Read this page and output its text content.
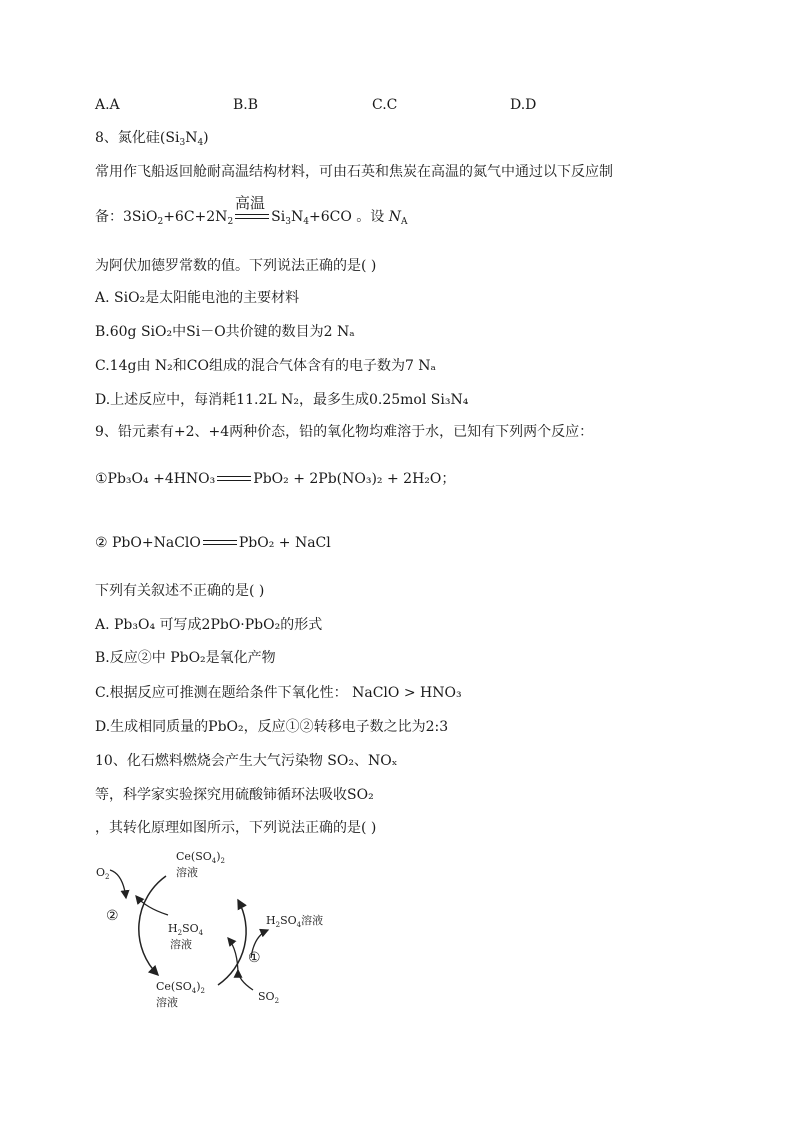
A.A	B.B	C.C	D.D
8、氮化硅$(Si_3N_4)$
常用作飞船返回舱耐高温结构材料，可由石英和焦炭在高温的氮气中通过以下反应制
高温
备：$3SiO_2+6C+2N_2$	$Si_3N_4+6CO$ 。设 $N_A$
为阿伏加德罗常数的值。下列说法正确的是( )
A. SiO₂是太阳能电池的主要材料
B.60g SiO₂中Si－O共价键的数目为2 Nₐ
C.14g由 N₂和CO组成的混合气体含有的电子数为7 Nₐ
D.上述反应中，每消耗11.2L N₂，最多生成0.25mol Si₃N₄
9、铅元素有+2、+4两种价态，铅的氧化物均难溶于水，已知有下列两个反应：
①Pb₃O₄ +4HNO₃	PbO₂ + 2Pb(NO₃)₂ + 2H₂O；
② PbO+NaClO	PbO₂ + NaCl
下列有关叙述不正确的是( )
A. Pb₃O₄ 可写成2PbO·PbO₂的形式
B.反应②中 PbO₂是氧化产物
C.根据反应可推测在题给条件下氧化性： NaClO > HNO₃
D.生成相同质量的PbO₂，反应①②转移电子数之比为2:3
10、化石燃料燃烧会产生大气污染物 SO₂、NOₓ
等，科学家实验探究用硫酸铈循环法吸收SO₂
，其转化原理如图所示，下列说法正确的是( )
$O_2$
②
①
$Ce(SO_4)_2$
溶液
$H_2SO_4$
溶液
$H_2SO_4$溶液
$Ce(SO_4)_2$
溶液	$SO_2$
